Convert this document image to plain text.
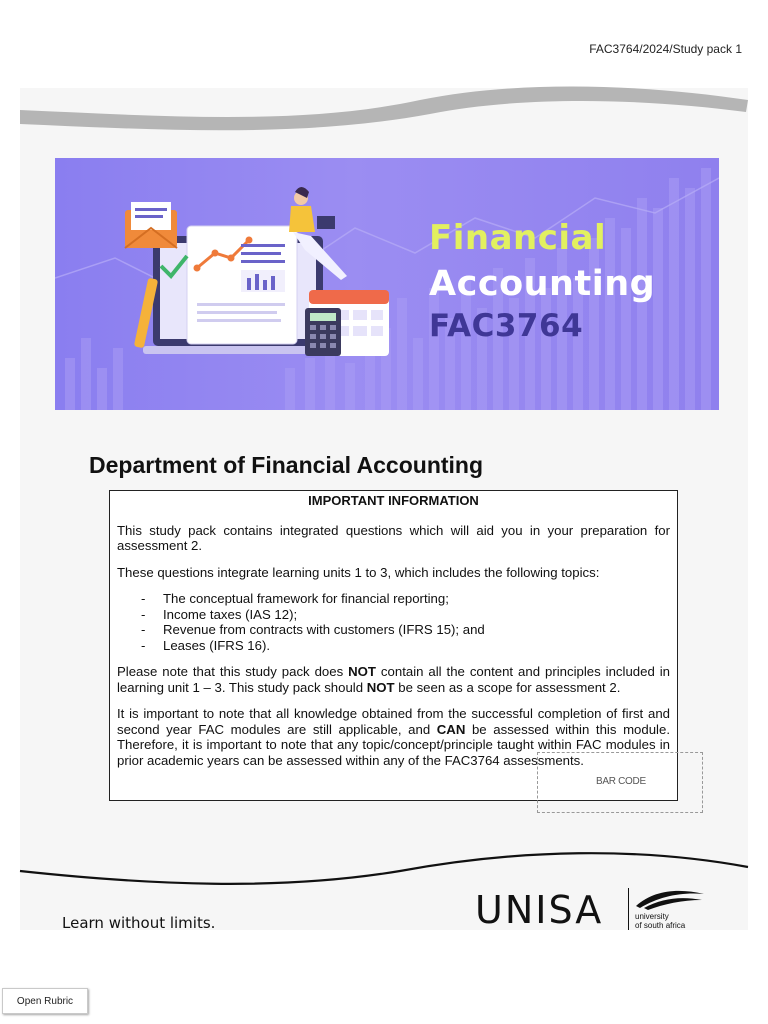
FAC3764/2024/Study pack 1
Financial
Accounting
FAC3764
Department of Financial Accounting
IMPORTANT INFORMATION

This study pack contains integrated questions which will aid you in your preparation for assessment 2.

These questions integrate learning units 1 to 3, which includes the following topics:

-	The conceptual framework for financial reporting;
-	Income taxes (IAS 12);
-	Revenue from contracts with customers (IFRS 15); and
-	Leases (IFRS 16).

Please note that this study pack does NOT contain all the content and principles included in learning unit 1 – 3. This study pack should NOT be seen as a scope for assessment 2.

It is important to note that all knowledge obtained from the successful completion of first and second year FAC modules are still applicable, and CAN be assessed within this module. Therefore, it is important to note that any topic/concept/principle taught within FAC modules in prior academic years can be assessed within any of the FAC3764 assessments.

BAR CODE
Learn without limits.	UNISA	university
of south africa
Open Rubric
